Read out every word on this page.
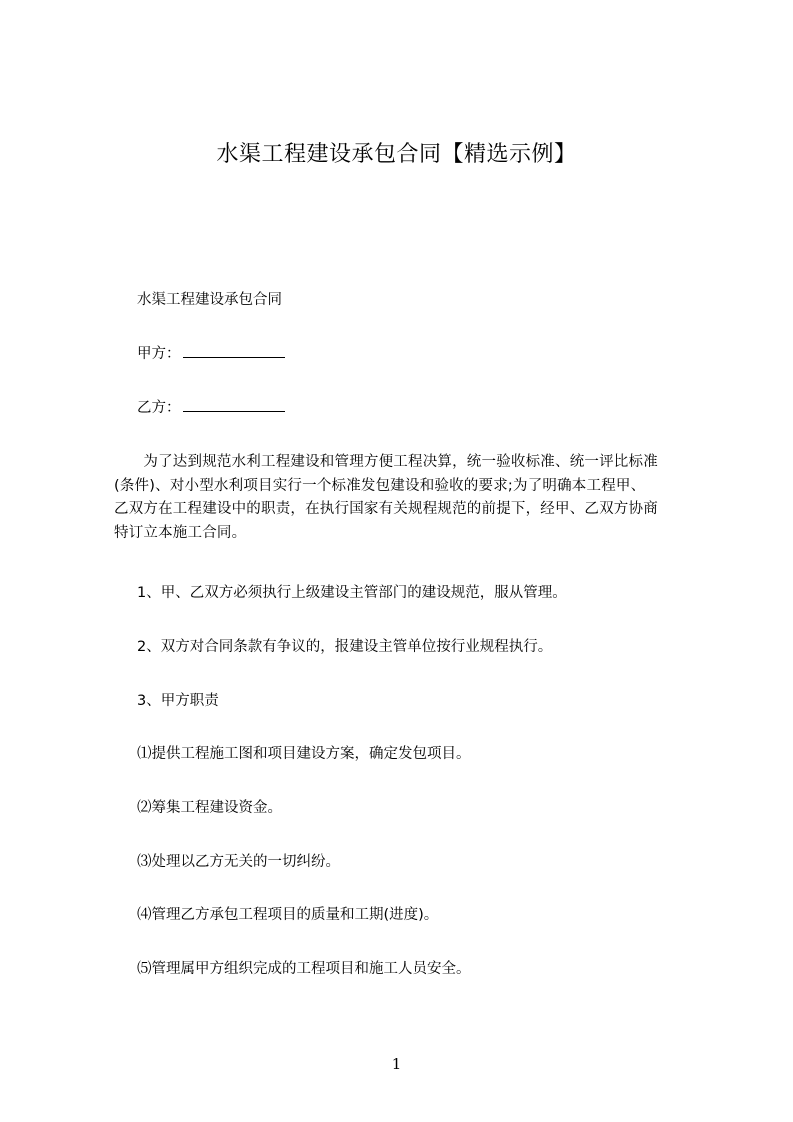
水渠工程建设承包合同【精选示例】
水渠工程建设承包合同
甲方：
乙方：
　　为了达到规范水利工程建设和管理方便工程决算，统一验收标准、统一评比标准
(条件)、对小型水利项目实行一个标准发包建设和验收的要求;为了明确本工程甲、
乙双方在工程建设中的职责，在执行国家有关规程规范的前提下，经甲、乙双方协商
特订立本施工合同。
1、甲、乙双方必须执行上级建设主管部门的建设规范，服从管理。
2、双方对合同条款有争议的，报建设主管单位按行业规程执行。
3、甲方职责
⑴提供工程施工图和项目建设方案，确定发包项目。
⑵筹集工程建设资金。
⑶处理以乙方无关的一切纠纷。
⑷管理乙方承包工程项目的质量和工期(进度)。
⑸管理属甲方组织完成的工程项目和施工人员安全。
1
